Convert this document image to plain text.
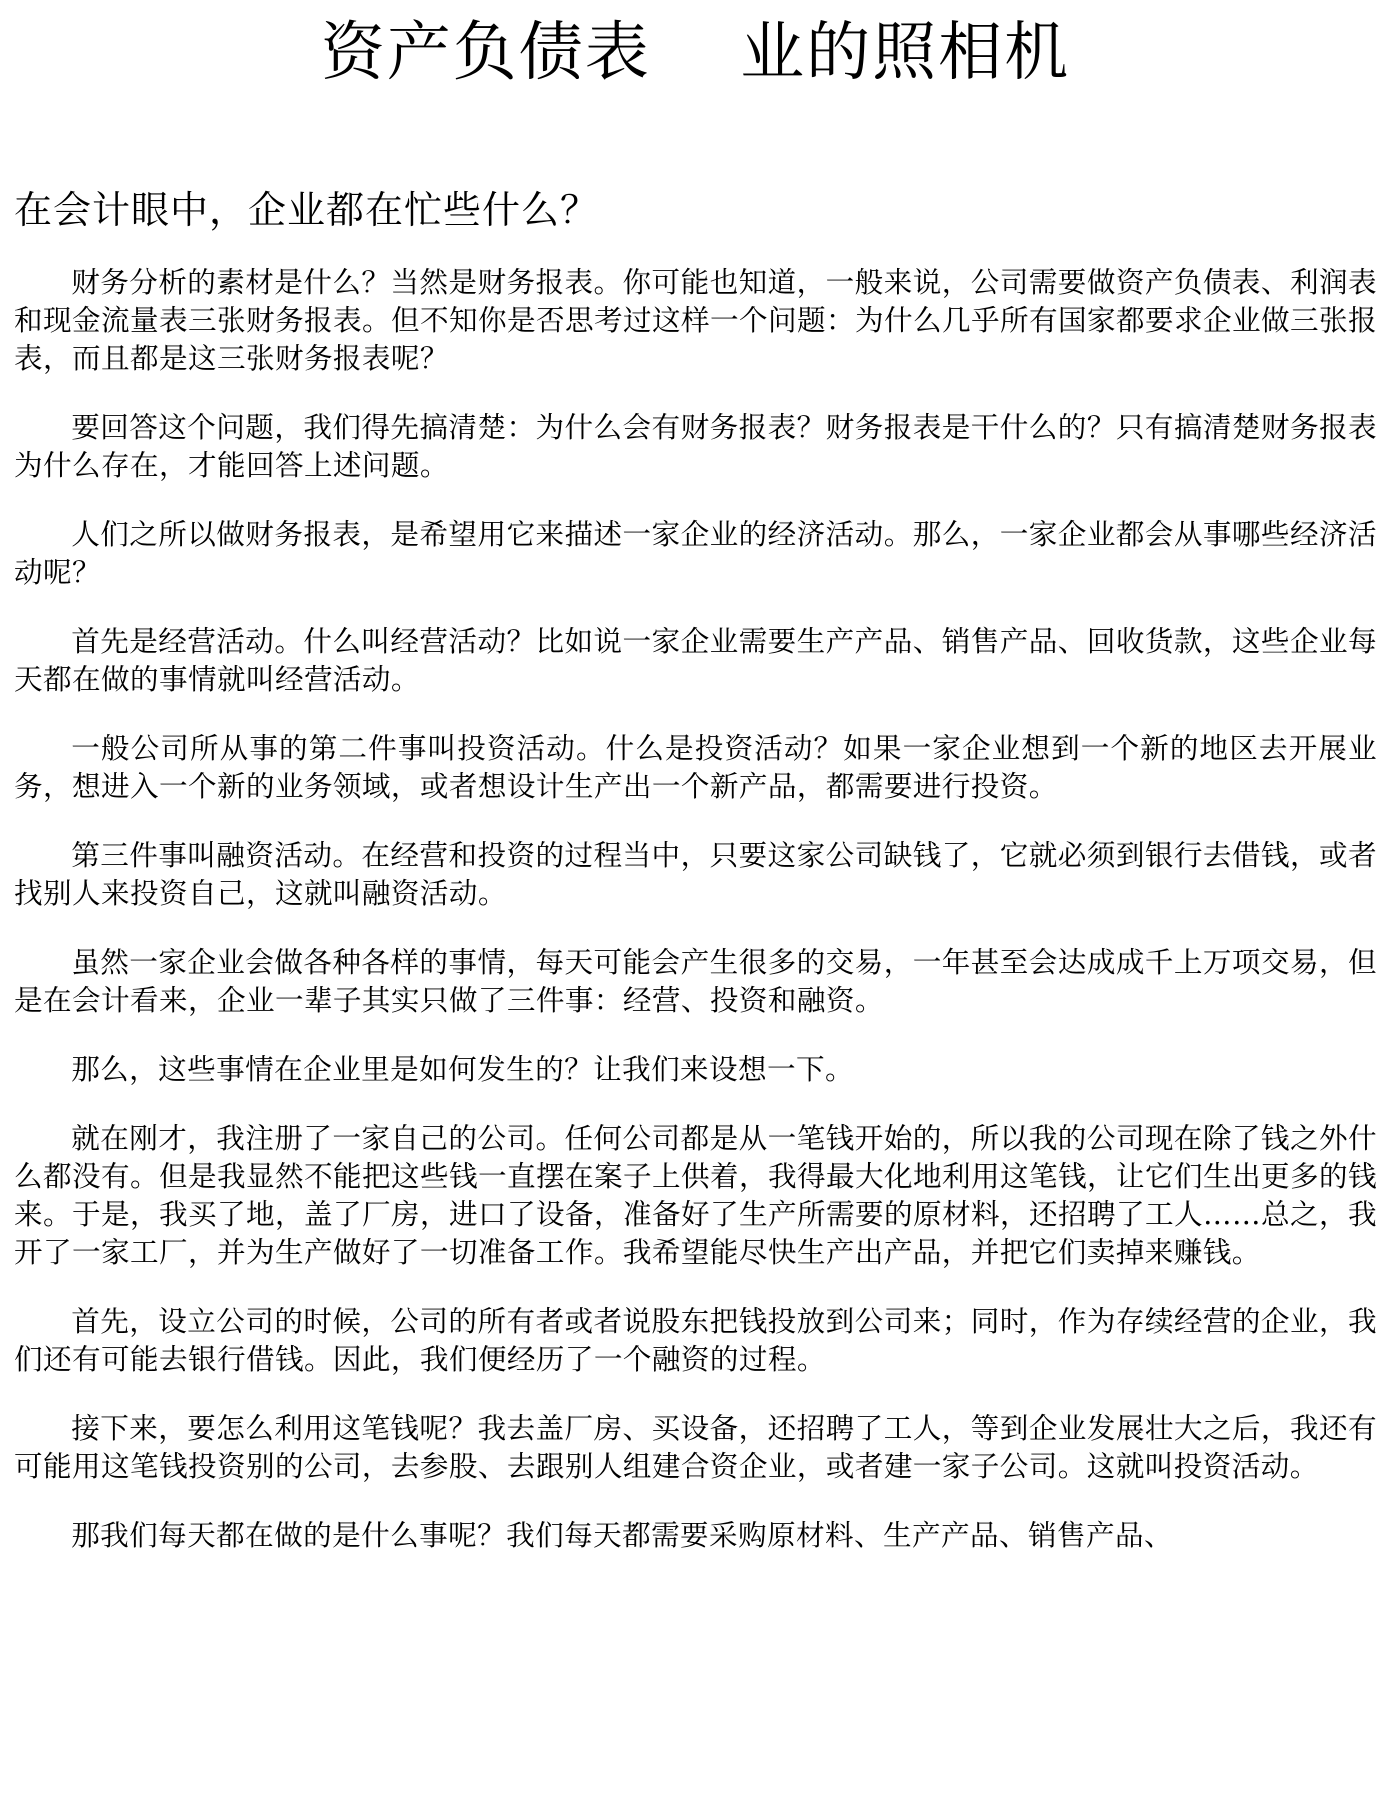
资产负债表    业的照相机
在会计眼中，企业都在忙些什么？

财务分析的素材是什么？当然是财务报表。你可能也知道，一般来说，公司需要做资产负债表、利润表和现金流量表三张财务报表。但不知你是否思考过这样一个问题：为什么几乎所有国家都要求企业做三张报表，而且都是这三张财务报表呢？

要回答这个问题，我们得先搞清楚：为什么会有财务报表？财务报表是干什么的？只有搞清楚财务报表为什么存在，才能回答上述问题。

人们之所以做财务报表，是希望用它来描述一家企业的经济活动。那么，一家企业都会从事哪些经济活动呢？

首先是经营活动。什么叫经营活动？比如说一家企业需要生产产品、销售产品、回收货款，这些企业每天都在做的事情就叫经营活动。

一般公司所从事的第二件事叫投资活动。什么是投资活动？如果一家企业想到一个新的地区去开展业务，想进入一个新的业务领域，或者想设计生产出一个新产品，都需要进行投资。

第三件事叫融资活动。在经营和投资的过程当中，只要这家公司缺钱了，它就必须到银行去借钱，或者找别人来投资自己，这就叫融资活动。

虽然一家企业会做各种各样的事情，每天可能会产生很多的交易，一年甚至会达成成千上万项交易，但是在会计看来，企业一辈子其实只做了三件事：经营、投资和融资。

那么，这些事情在企业里是如何发生的？让我们来设想一下。

就在刚才，我注册了一家自己的公司。任何公司都是从一笔钱开始的，所以我的公司现在除了钱之外什么都没有。但是我显然不能把这些钱一直摆在案子上供着，我得最大化地利用这笔钱，让它们生出更多的钱来。于是，我买了地，盖了厂房，进口了设备，准备好了生产所需要的原材料，还招聘了工人……总之，我开了一家工厂，并为生产做好了一切准备工作。我希望能尽快生产出产品，并把它们卖掉来赚钱。

首先，设立公司的时候，公司的所有者或者说股东把钱投放到公司来；同时，作为存续经营的企业，我们还有可能去银行借钱。因此，我们便经历了一个融资的过程。

接下来，要怎么利用这笔钱呢？我去盖厂房、买设备，还招聘了工人，等到企业发展壮大之后，我还有可能用这笔钱投资别的公司，去参股、去跟别人组建合资企业，或者建一家子公司。这就叫投资活动。

那我们每天都在做的是什么事呢？我们每天都需要采购原材料、生产产品、销售产品、
